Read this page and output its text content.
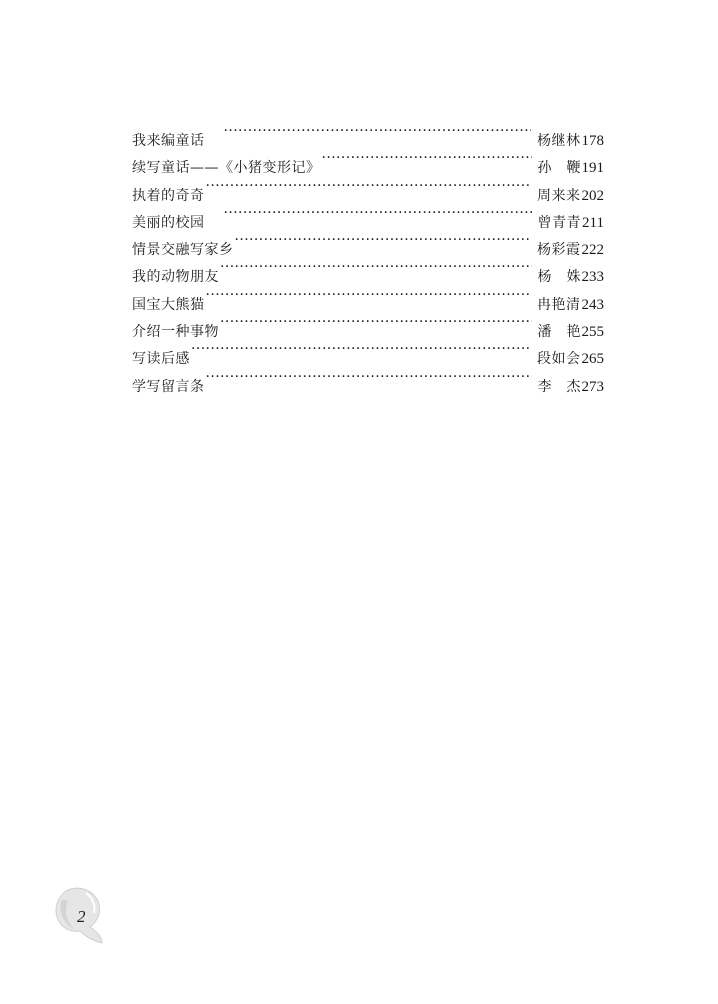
我来编童话 ·····	杨继林 178
续写童话——《小猪变形记》 ·····	孙　鞭 191
执着的奇奇 ·····	周来来 202
美丽的校园 ·····	曾青青 211
情景交融写家乡 ·····	杨彩霞 222
我的动物朋友 ·····	杨　姝 233
国宝大熊猫 ·····	冉艳清 243
介绍一种事物 ·····	潘　艳 255
写读后感 ·····	段如会 265
学写留言条 ·····	李　杰 273
2
